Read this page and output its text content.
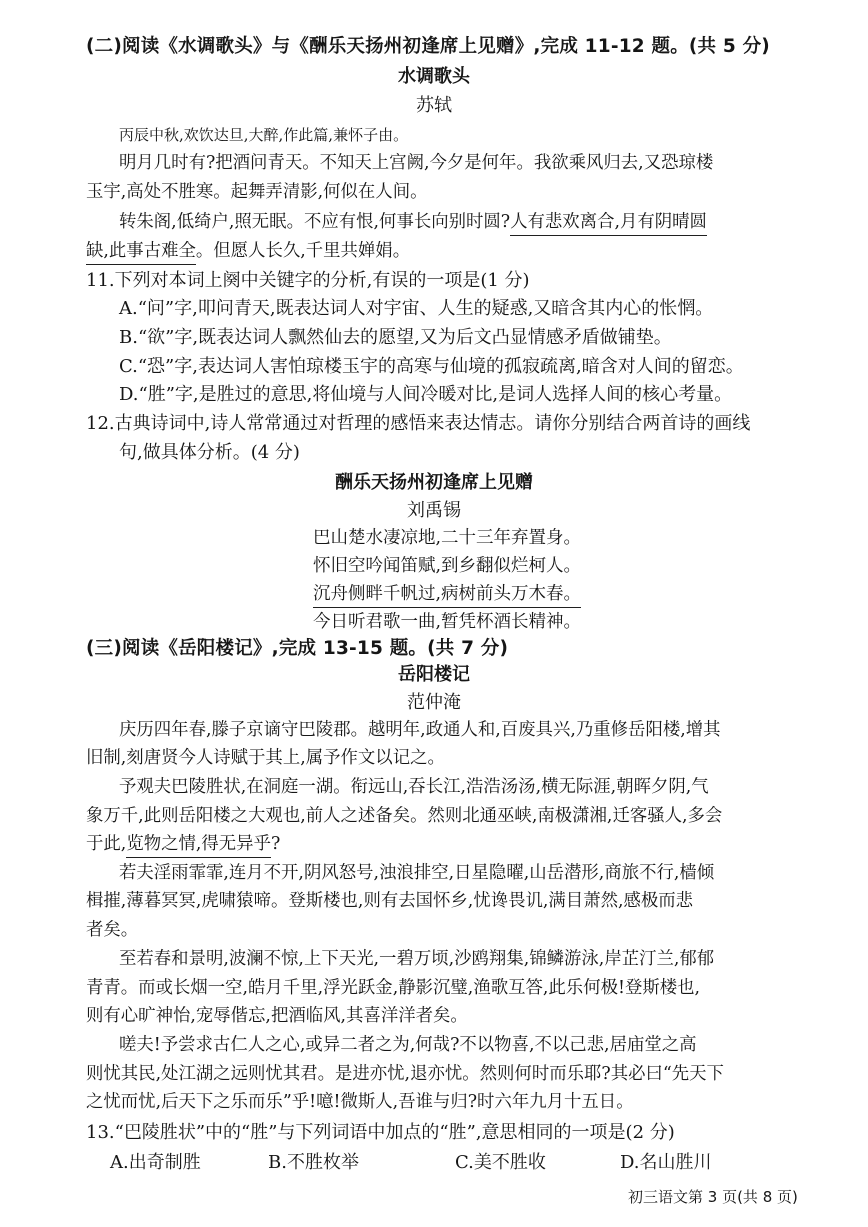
(二)阅读《水调歌头》与《酬乐天扬州初逢席上见赠》,完成 11-12 题。(共 5 分)
水调歌头
苏轼
丙辰中秋,欢饮达旦,大醉,作此篇,兼怀子由。
明月几时有?把酒问青天。不知天上宫阙,今夕是何年。我欲乘风归去,又恐琼楼
玉宇,高处不胜寒。起舞弄清影,何似在人间。
转朱阁,低绮户,照无眠。不应有恨,何事长向别时圆?人有悲欢离合,月有阴晴圆
缺,此事古难全。但愿人长久,千里共婵娟。
11.下列对本词上阕中关键字的分析,有误的一项是(1 分)
A.“问”字,叩问青天,既表达词人对宇宙、人生的疑惑,又暗含其内心的怅惘。
B.“欲”字,既表达词人飘然仙去的愿望,又为后文凸显情感矛盾做铺垫。
C.“恐”字,表达词人害怕琼楼玉宇的高寒与仙境的孤寂疏离,暗含对人间的留恋。
D.“胜”字,是胜过的意思,将仙境与人间冷暖对比,是词人选择人间的核心考量。
12.古典诗词中,诗人常常通过对哲理的感悟来表达情志。请你分别结合两首诗的画线
句,做具体分析。(4 分)
酬乐天扬州初逢席上见赠
刘禹锡
巴山楚水凄凉地,二十三年弃置身。
怀旧空吟闻笛赋,到乡翻似烂柯人。
沉舟侧畔千帆过,病树前头万木春。
今日听君歌一曲,暂凭杯酒长精神。
(三)阅读《岳阳楼记》,完成 13-15 题。(共 7 分)
岳阳楼记
范仲淹
庆历四年春,滕子京谪守巴陵郡。越明年,政通人和,百废具兴,乃重修岳阳楼,增其
旧制,刻唐贤今人诗赋于其上,属予作文以记之。
予观夫巴陵胜状,在洞庭一湖。衔远山,吞长江,浩浩汤汤,横无际涯,朝晖夕阴,气
象万千,此则岳阳楼之大观也,前人之述备矣。然则北通巫峡,南极潇湘,迁客骚人,多会
于此,览物之情,得无异乎?
若夫淫雨霏霏,连月不开,阴风怒号,浊浪排空,日星隐曜,山岳潜形,商旅不行,樯倾
楫摧,薄暮冥冥,虎啸猿啼。登斯楼也,则有去国怀乡,忧谗畏讥,满目萧然,感极而悲
者矣。
至若春和景明,波澜不惊,上下天光,一碧万顷,沙鸥翔集,锦鳞游泳,岸芷汀兰,郁郁
青青。而或长烟一空,皓月千里,浮光跃金,静影沉璧,渔歌互答,此乐何极!登斯楼也,
则有心旷神怡,宠辱偕忘,把酒临风,其喜洋洋者矣。
嗟夫!予尝求古仁人之心,或异二者之为,何哉?不以物喜,不以己悲,居庙堂之高
则忧其民,处江湖之远则忧其君。是进亦忧,退亦忧。然则何时而乐耶?其必曰“先天下
之忧而忧,后天下之乐而乐”乎!噫!微斯人,吾谁与归?时六年九月十五日。
13.“巴陵胜状”中的“胜”与下列词语中加点的“胜”,意思相同的一项是(2 分)
A.出奇制胜	B.不胜枚举	C.美不胜收	D.名山胜川
初三语文第 3 页(共 8 页)
